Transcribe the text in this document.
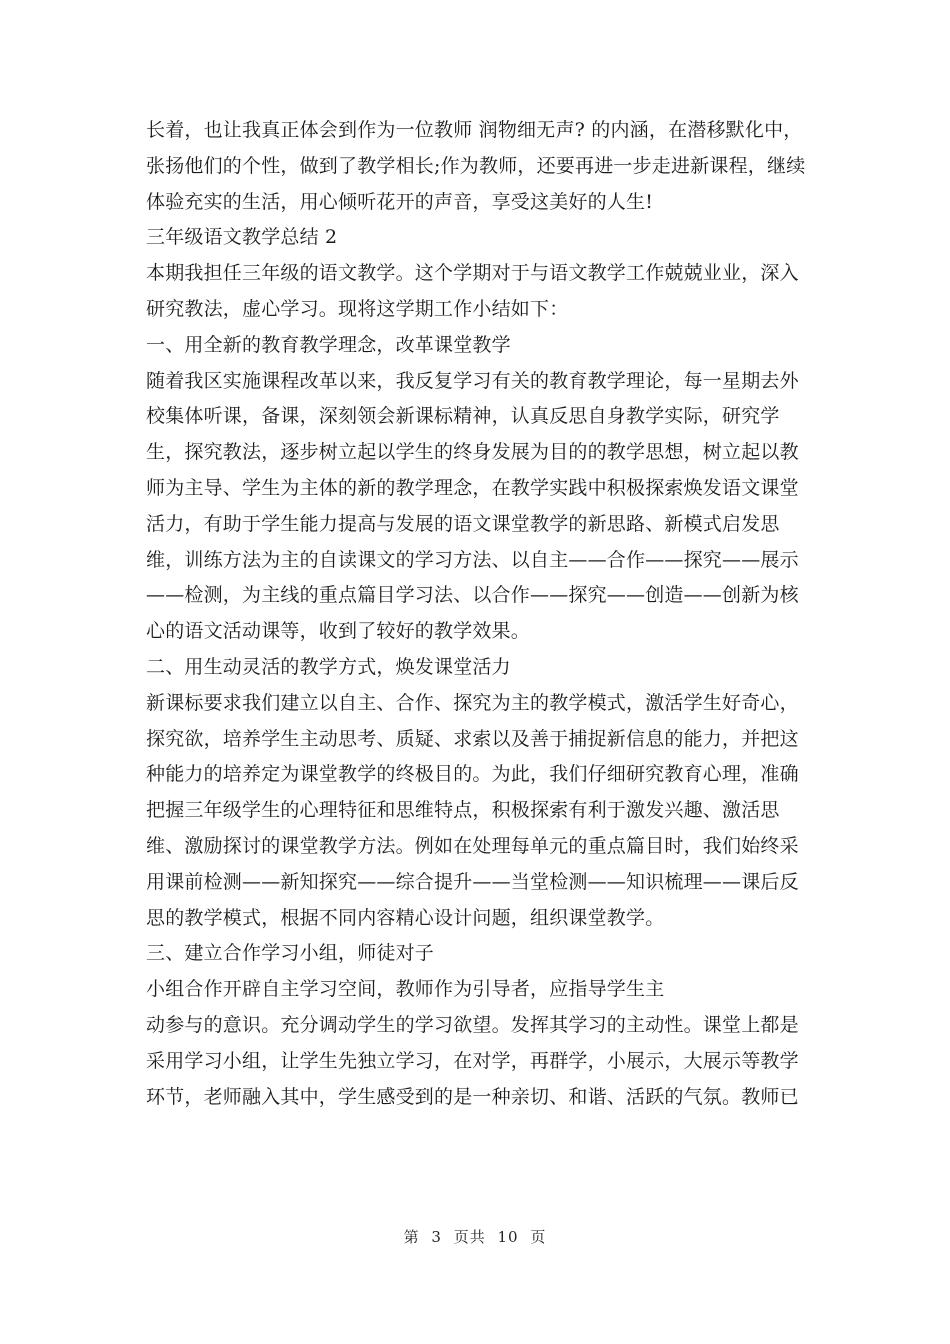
长着，也让我真正体会到作为一位教师 润物细无声? 的内涵，在潜移默化中，
张扬他们的个性，做到了教学相长;作为教师，还要再进一步走进新课程，继续
体验充实的生活，用心倾听花开的声音，享受这美好的人生!
三年级语文教学总结 2
本期我担任三年级的语文教学。这个学期对于与语文教学工作兢兢业业，深入
研究教法，虚心学习。现将这学期工作小结如下：
一、用全新的教育教学理念，改革课堂教学
随着我区实施课程改革以来，我反复学习有关的教育教学理论，每一星期去外
校集体听课，备课，深刻领会新课标精神，认真反思自身教学实际，研究学
生，探究教法，逐步树立起以学生的终身发展为目的的教学思想，树立起以教
师为主导、学生为主体的新的教学理念，在教学实践中积极探索焕发语文课堂
活力，有助于学生能力提高与发展的语文课堂教学的新思路、新模式启发思
维，训练方法为主的自读课文的学习方法、以自主——合作——探究——展示
——检测，为主线的重点篇目学习法、以合作——探究——创造——创新为核
心的语文活动课等，收到了较好的教学效果。
二、用生动灵活的教学方式，焕发课堂活力
新课标要求我们建立以自主、合作、探究为主的教学模式，激活学生好奇心，
探究欲，培养学生主动思考、质疑、求索以及善于捕捉新信息的能力，并把这
种能力的培养定为课堂教学的终极目的。为此，我们仔细研究教育心理，准确
把握三年级学生的心理特征和思维特点，积极探索有利于激发兴趣、激活思
维、激励探讨的课堂教学方法。例如在处理每单元的重点篇目时，我们始终采
用课前检测——新知探究——综合提升——当堂检测——知识梳理——课后反
思的教学模式，根据不同内容精心设计问题，组织课堂教学。
三、建立合作学习小组，师徒对子
小组合作开辟自主学习空间，教师作为引导者，应指导学生主
动参与的意识。充分调动学生的学习欲望。发挥其学习的主动性。课堂上都是
采用学习小组，让学生先独立学习，在对学，再群学，小展示，大展示等教学
环节，老师融入其中，学生感受到的是一种亲切、和谐、活跃的气氛。教师已
第 3 页共 10 页
